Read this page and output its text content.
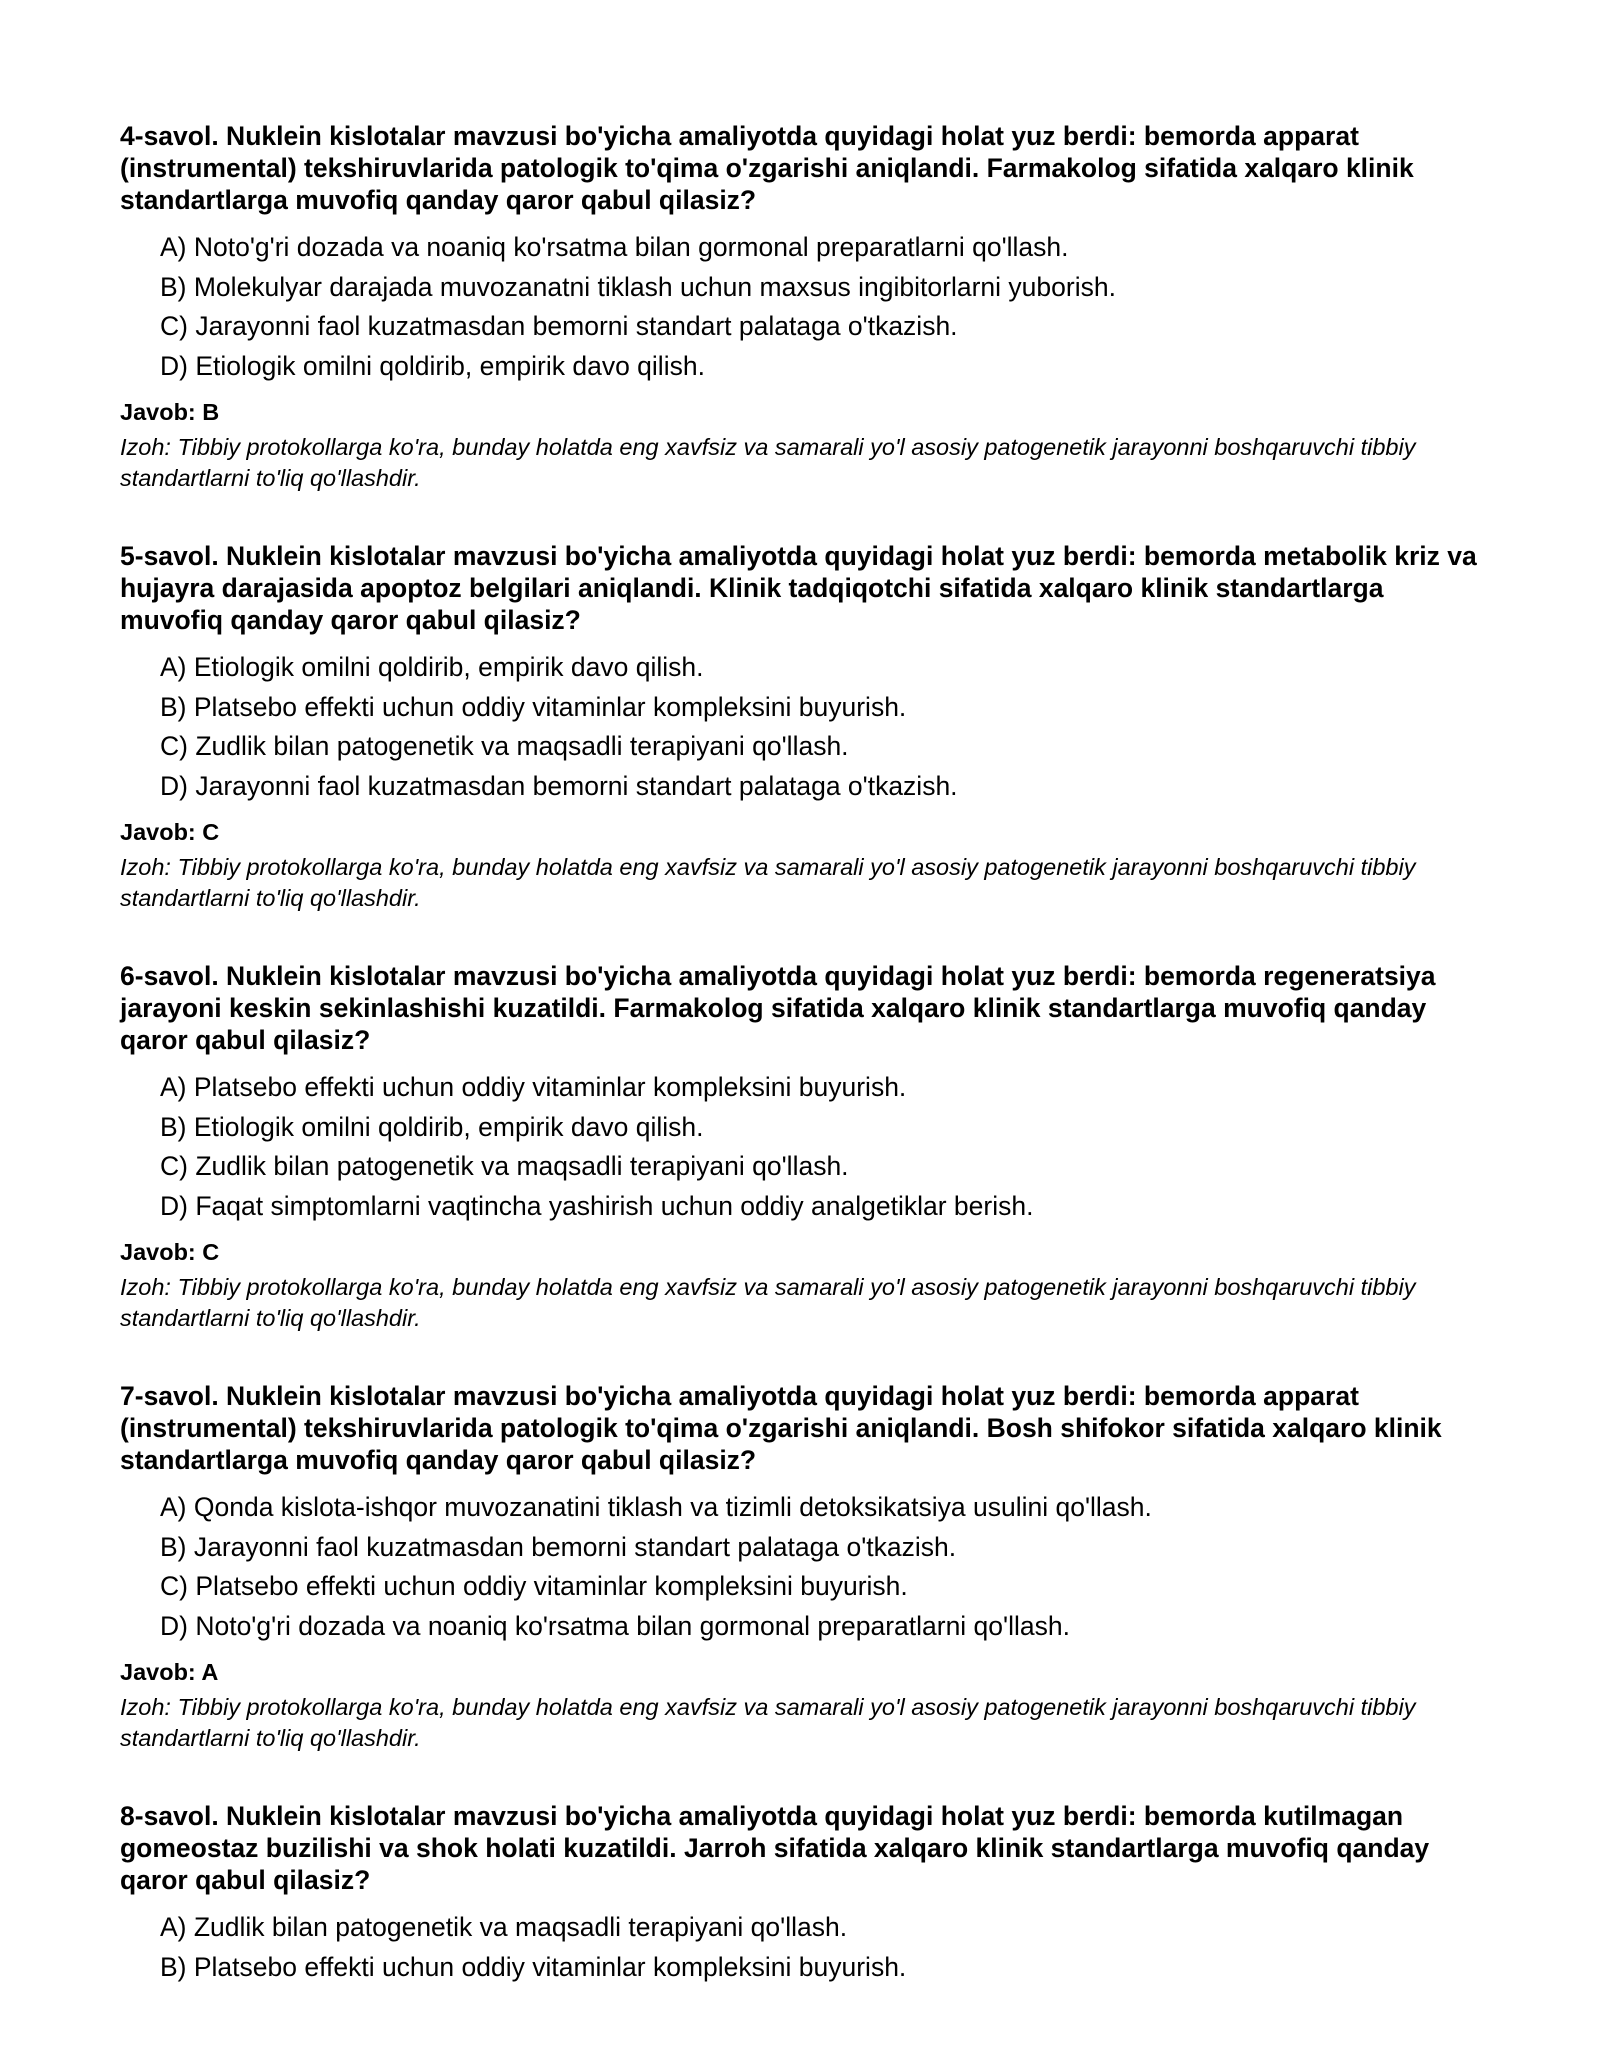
4-savol. Nuklein kislotalar mavzusi bo'yicha amaliyotda quyidagi holat yuz berdi: bemorda apparat (instrumental) tekshiruvlarida patologik to'qima o'zgarishi aniqlandi. Farmakolog sifatida xalqaro klinik standartlarga muvofiq qanday qaror qabul qilasiz?

A) Noto'g'ri dozada va noaniq ko'rsatma bilan gormonal preparatlarni qo'llash.
B) Molekulyar darajada muvozanatni tiklash uchun maxsus ingibitorlarni yuborish.
C) Jarayonni faol kuzatmasdan bemorni standart palataga o'tkazish.
D) Etiologik omilni qoldirib, empirik davo qilish.

Javob: B

Izoh: Tibbiy protokollarga ko'ra, bunday holatda eng xavfsiz va samarali yo'l asosiy patogenetik jarayonni boshqaruvchi tibbiy standartlarni to'liq qo'llashdir.

5-savol. Nuklein kislotalar mavzusi bo'yicha amaliyotda quyidagi holat yuz berdi: bemorda metabolik kriz va hujayra darajasida apoptoz belgilari aniqlandi. Klinik tadqiqotchi sifatida xalqaro klinik standartlarga muvofiq qanday qaror qabul qilasiz?

A) Etiologik omilni qoldirib, empirik davo qilish.
B) Platsebo effekti uchun oddiy vitaminlar kompleksini buyurish.
C) Zudlik bilan patogenetik va maqsadli terapiyani qo'llash.
D) Jarayonni faol kuzatmasdan bemorni standart palataga o'tkazish.

Javob: C

Izoh: Tibbiy protokollarga ko'ra, bunday holatda eng xavfsiz va samarali yo'l asosiy patogenetik jarayonni boshqaruvchi tibbiy standartlarni to'liq qo'llashdir.

6-savol. Nuklein kislotalar mavzusi bo'yicha amaliyotda quyidagi holat yuz berdi: bemorda regeneratsiya jarayoni keskin sekinlashishi kuzatildi. Farmakolog sifatida xalqaro klinik standartlarga muvofiq qanday qaror qabul qilasiz?

A) Platsebo effekti uchun oddiy vitaminlar kompleksini buyurish.
B) Etiologik omilni qoldirib, empirik davo qilish.
C) Zudlik bilan patogenetik va maqsadli terapiyani qo'llash.
D) Faqat simptomlarni vaqtincha yashirish uchun oddiy analgetiklar berish.

Javob: C

Izoh: Tibbiy protokollarga ko'ra, bunday holatda eng xavfsiz va samarali yo'l asosiy patogenetik jarayonni boshqaruvchi tibbiy standartlarni to'liq qo'llashdir.

7-savol. Nuklein kislotalar mavzusi bo'yicha amaliyotda quyidagi holat yuz berdi: bemorda apparat (instrumental) tekshiruvlarida patologik to'qima o'zgarishi aniqlandi. Bosh shifokor sifatida xalqaro klinik standartlarga muvofiq qanday qaror qabul qilasiz?

A) Qonda kislota-ishqor muvozanatini tiklash va tizimli detoksikatsiya usulini qo'llash.
B) Jarayonni faol kuzatmasdan bemorni standart palataga o'tkazish.
C) Platsebo effekti uchun oddiy vitaminlar kompleksini buyurish.
D) Noto'g'ri dozada va noaniq ko'rsatma bilan gormonal preparatlarni qo'llash.

Javob: A

Izoh: Tibbiy protokollarga ko'ra, bunday holatda eng xavfsiz va samarali yo'l asosiy patogenetik jarayonni boshqaruvchi tibbiy standartlarni to'liq qo'llashdir.

8-savol. Nuklein kislotalar mavzusi bo'yicha amaliyotda quyidagi holat yuz berdi: bemorda kutilmagan gomeostaz buzilishi va shok holati kuzatildi. Jarroh sifatida xalqaro klinik standartlarga muvofiq qanday qaror qabul qilasiz?

A) Zudlik bilan patogenetik va maqsadli terapiyani qo'llash.
B) Platsebo effekti uchun oddiy vitaminlar kompleksini buyurish.
